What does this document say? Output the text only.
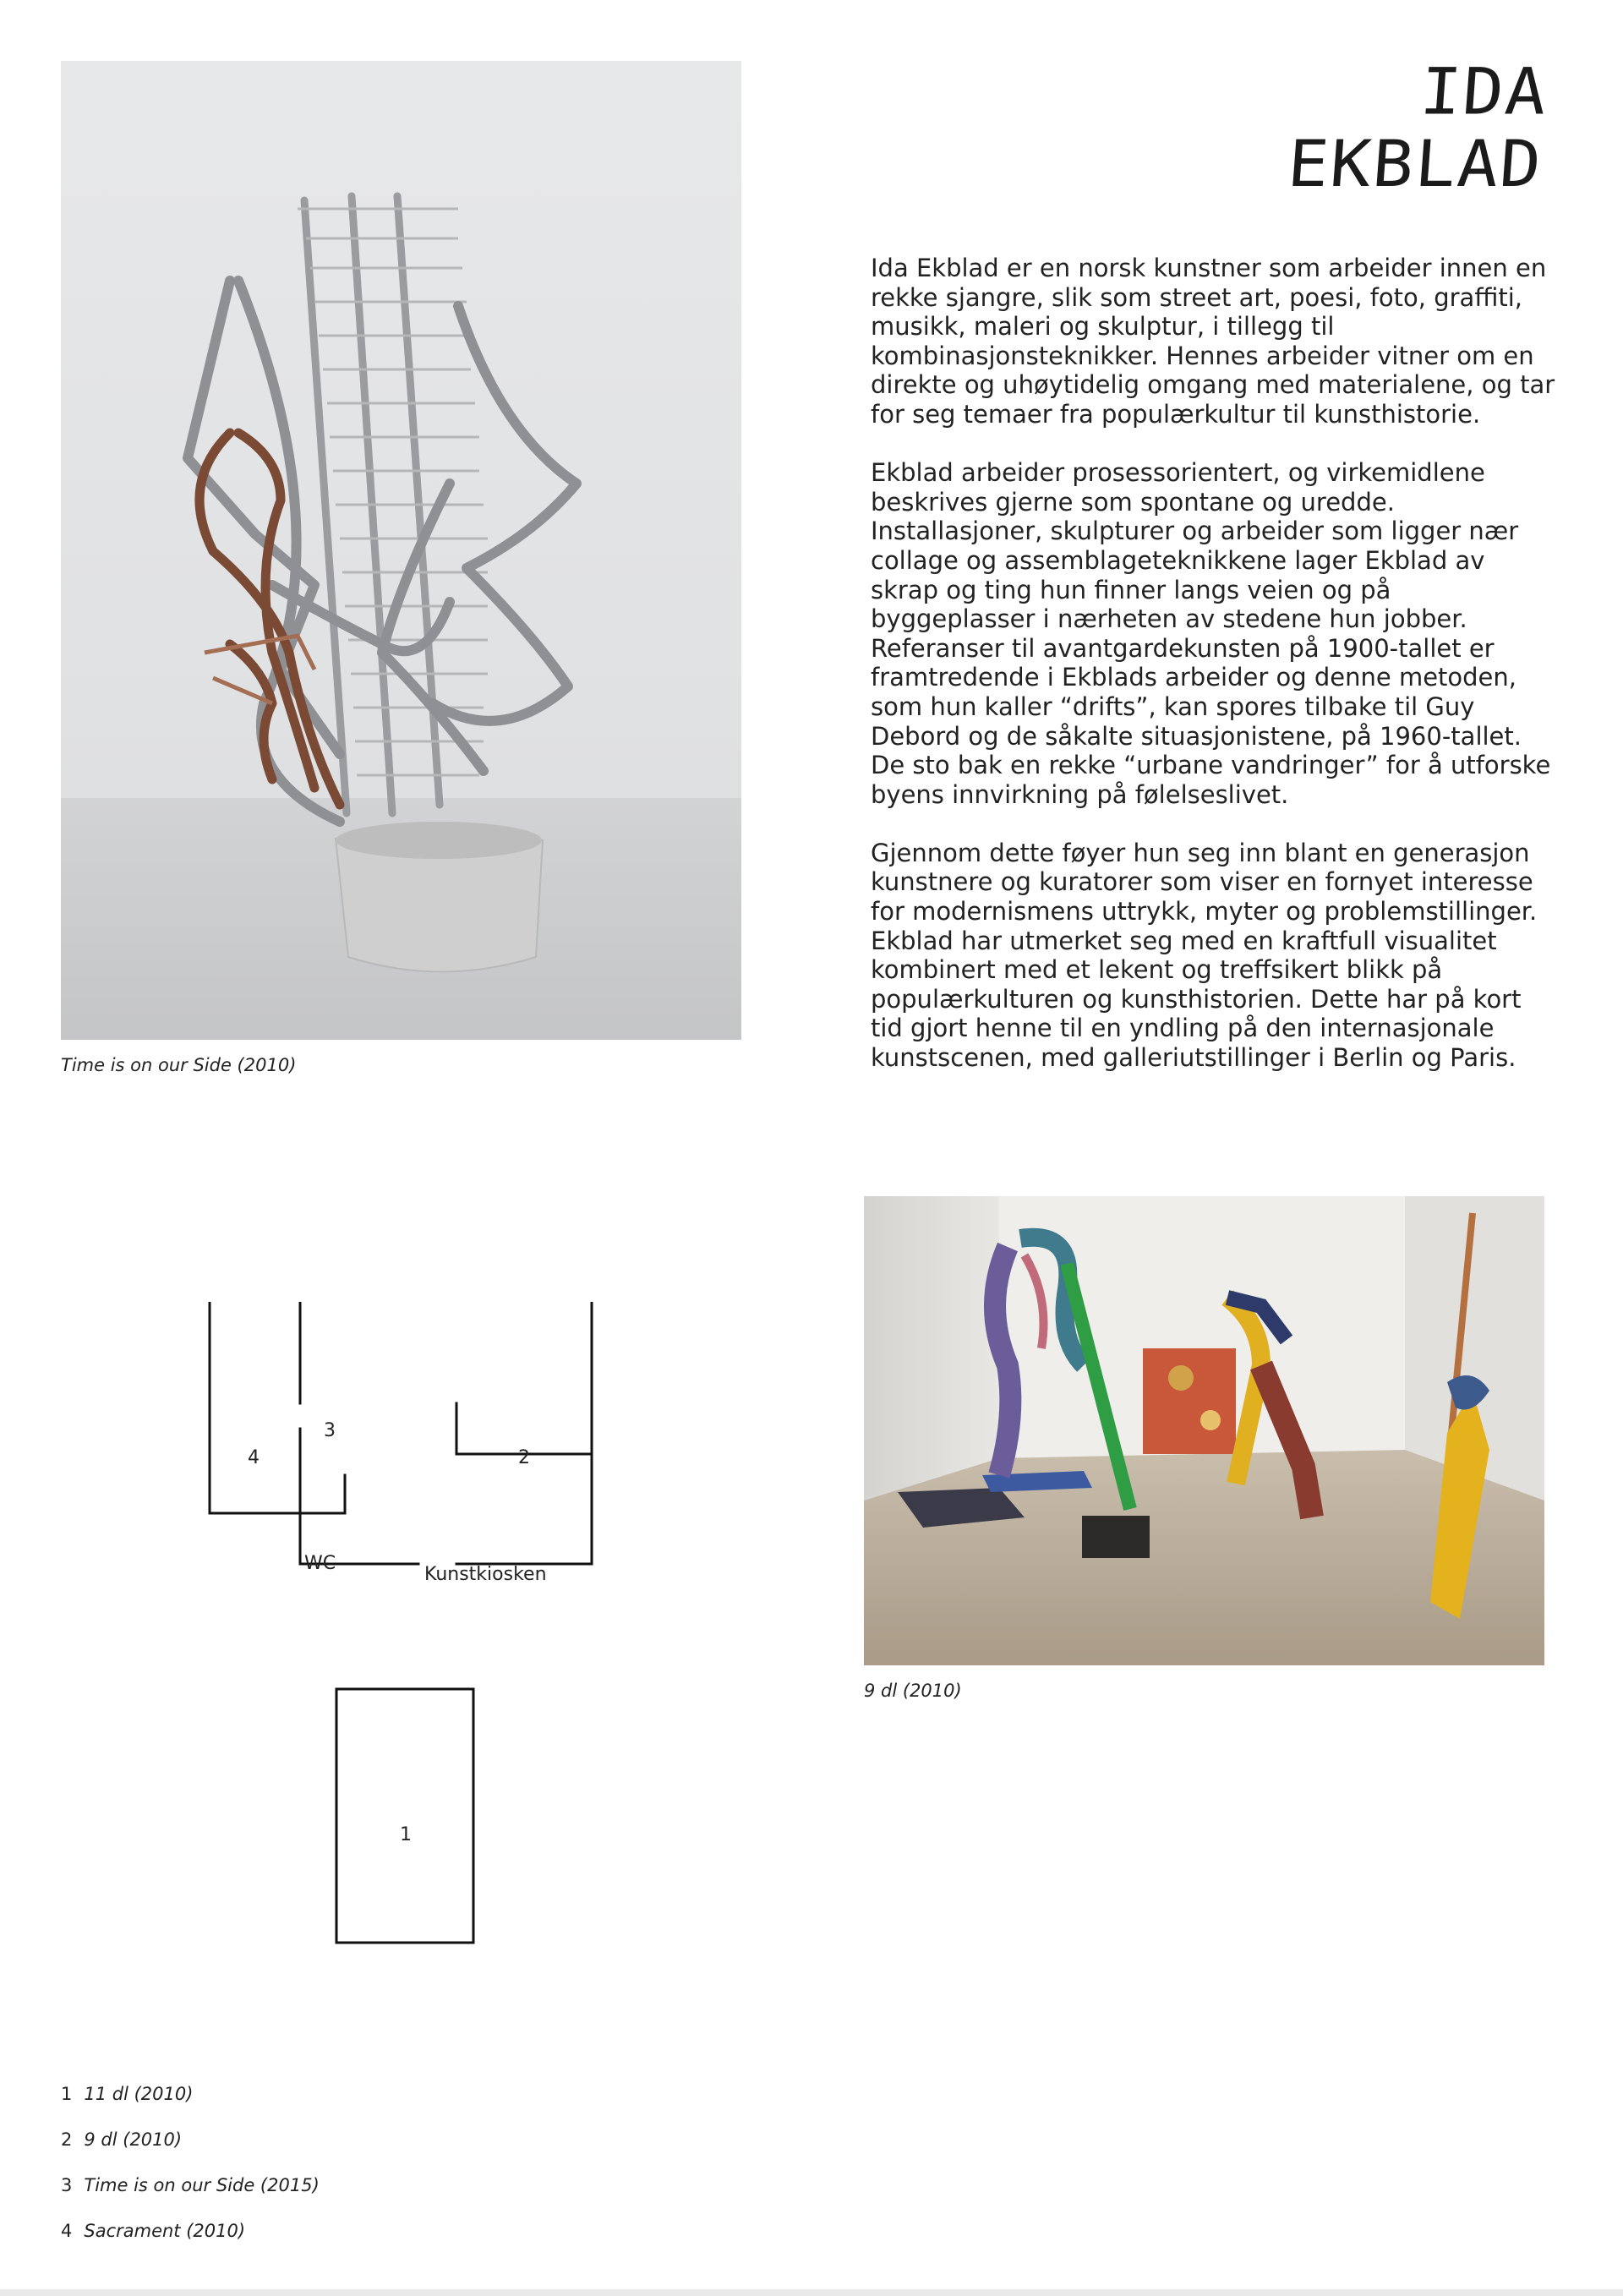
IDA
EKBLAD
Time is on our Side (2010)

Ida Ekblad er en norsk kunstner som arbeider innen en rekke sjangre, slik som street art, poesi, foto, graffiti, musikk, maleri og skulptur, i tillegg til kombinasjonsteknikker. Hennes arbeider vitner om en direkte og uhøytidelig omgang med materialene, og tar for seg temaer fra populærkultur til kunsthistorie.

Ekblad arbeider prosessorientert, og virkemidlene beskrives gjerne som spontane og uredde. Installasjoner, skulpturer og arbeider som ligger nær collage og assemblageteknikkene lager Ekblad av skrap og ting hun finner langs veien og på byggeplasser i nærheten av stedene hun jobber. Referanser til avantgardekunsten på 1900-tallet er framtredende i Ekblads arbeider og denne metoden, som hun kaller “drifts”, kan spores tilbake til Guy Debord og de såkalte situasjonistene, på 1960-tallet. De sto bak en rekke “urbane vandringer” for å utforske byens innvirkning på følelseslivet.

Gjennom dette føyer hun seg inn blant en generasjon kunstnere og kuratorer som viser en fornyet interesse for modernismens uttrykk, myter og problemstillinger. Ekblad har utmerket seg med en kraftfull visualitet kombinert med et lekent og treffsikert blikk på populærkulturen og kunsthistorien. Dette har på kort tid gjort henne til en yndling på den internasjonale kunstscenen, med galleriutstillinger i Berlin og Paris.

9 dl (2010)
3
4	2
WC
Kunstkiosken
1
1 11 dl (2010)
2 9 dl (2010)
3 Time is on our Side (2015)
4 Sacrament (2010)
